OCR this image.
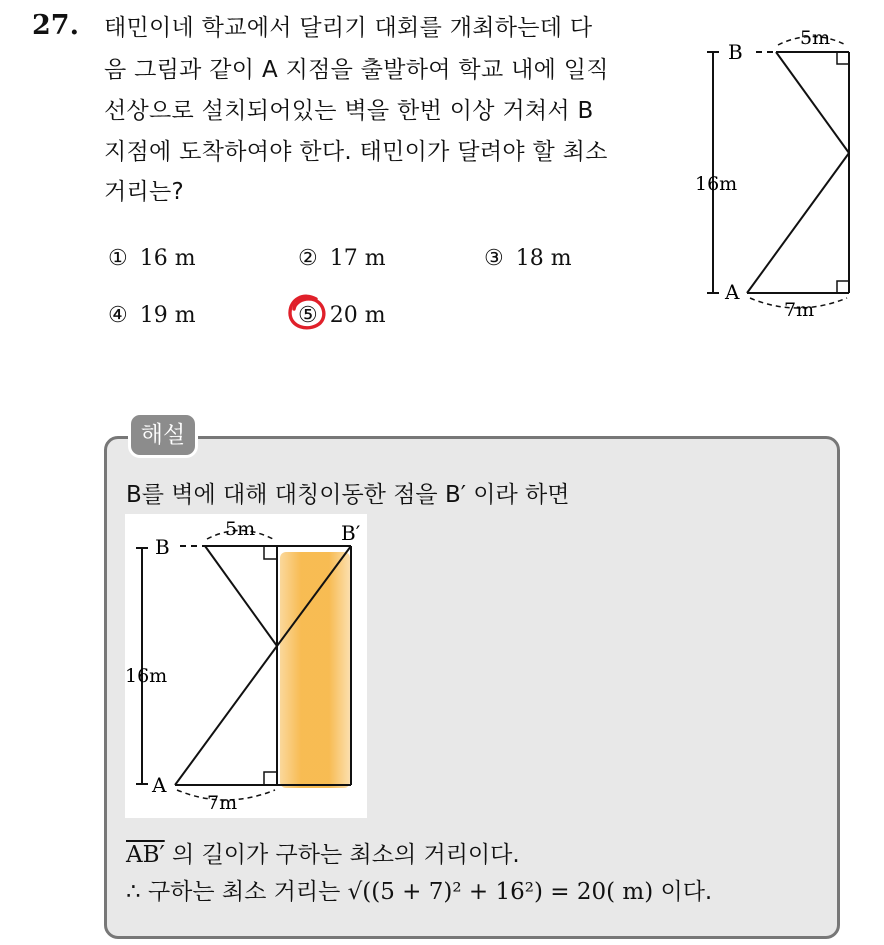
27. 태민이네 학교에서 달리기 대회를 개최하는데 다
음 그림과 같이 A 지점을 출발하여 학교 내에 일직
선상으로 설치되어있는 벽을 한번 이상 거쳐서 B
지점에 도착하여야 한다. 태민이가 달려야 할 최소
거리는?
① 16 m	② 17 m	③ 18 m
④ 19 m	⑤ 20 m
B
A
5m
16m
7m
해설
B를 벽에 대해 대칭이동한 점을 B′ 이라 하면
B
B′
A
5m
16m
7m
AB′ 의 길이가 구하는 최소의 거리이다.
∴ 구하는 최소 거리는 √((5 + 7)² + 16²) = 20( m) 이다.
